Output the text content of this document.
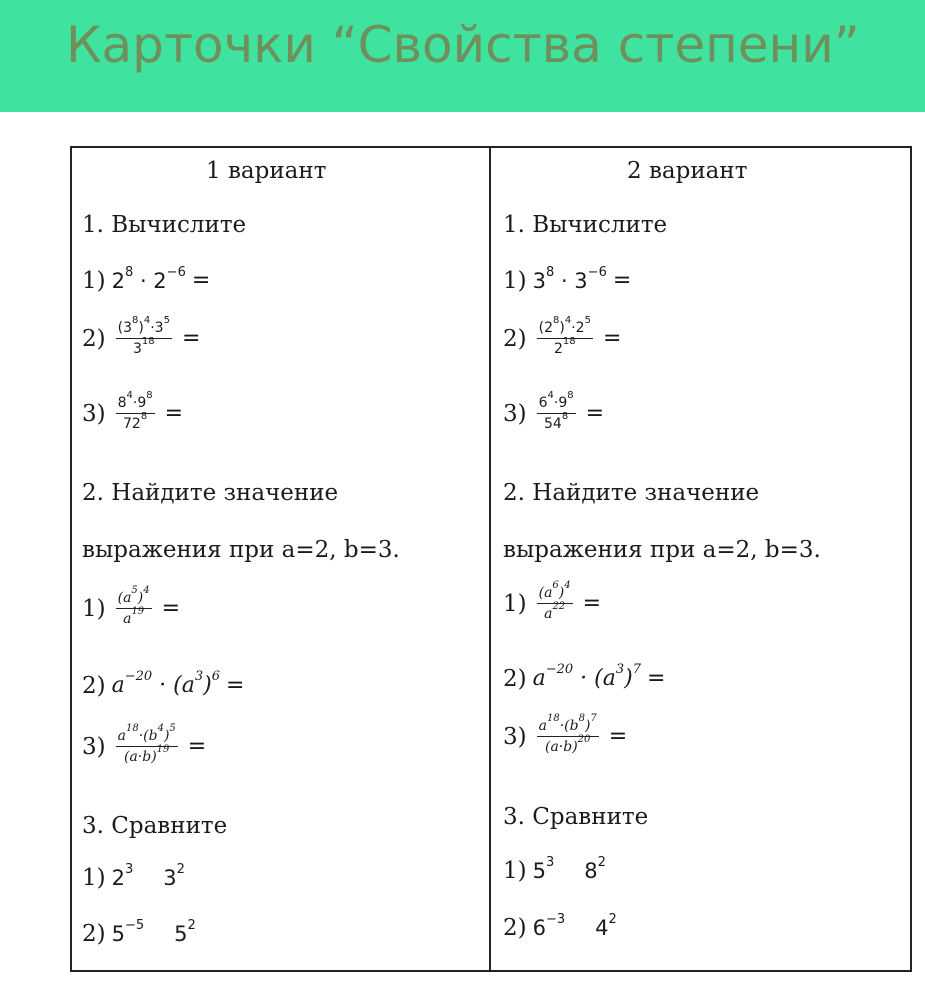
Карточки “Свойства степени”
1 вариант
1. Вычислите
1) $2^8 \cdot 2^{-6}$ =
$2) \frac{(3^8)^4\cdot 3^5}{3^{18}}$ =
$3) \frac{8^4\cdot 9^8}{72^8}$ =
2. Найдите значение
выражения при a=2, b=3.
$1) \frac{(a^5)^4}{a^{19}}$ =
2) $a^{-20} \cdot (a^3)^6$ =
$3) \frac{a^{18}\cdot(b^4)^5}{(a\cdot b)^{19}}$ =
3. Сравните
1) $2^3$ $3^2$
2) $5^{-5}$ $5^2$
2 вариант
1. Вычислите
1) $3^8 \cdot 3^{-6}$ =
$2) \frac{(2^8)^4\cdot 2^5}{2^{18}}$ =
$3) \frac{6^4\cdot 9^8}{54^8}$ =
2. Найдите значение
выражения при a=2, b=3.
$1) \frac{(a^6)^4}{a^{22}}$ =
2) $a^{-20} \cdot (a^3)^7$ =
$3) \frac{a^{18}\cdot(b^8)^7}{(a\cdot b)^{20}}$ =
3. Сравните
1) $5^3$ $8^2$
2) $6^{-3}$ $4^2$
